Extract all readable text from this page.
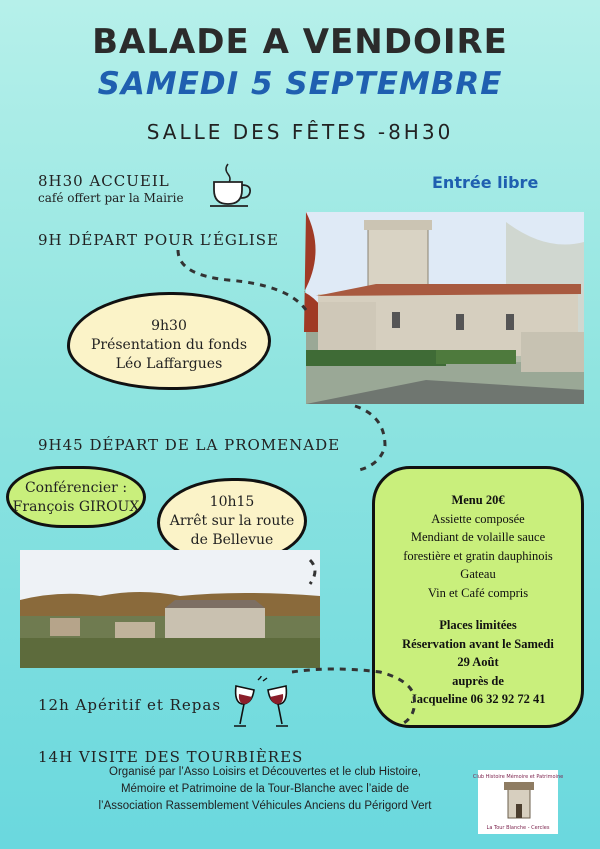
BALADE A VENDOIRE
SAMEDI 5 SEPTEMBRE
SALLE DES FÊTES -8H30
8H30 ACCUEIL
café offert par la Mairie
Entrée libre
9H DÉPART POUR L’ÉGLISE
9h30
Présentation du fonds
Léo Laffargues
9H45 DÉPART DE LA PROMENADE
Conférencier :
François GIROUX	10h15
Arrêt sur la route
de Bellevue
Menu 20€
Assiette composée
Mendiant de volaille sauce
forestière et gratin dauphinois
Gateau
Vin et Café compris
Places limitées
Réservation avant le Samedi
29 Août
auprès de
Jacqueline 06 32 92 72 41
12h Apéritif et Repas
14H VISITE DES TOURBIÈRES
Organisé par l’Asso Loisirs et Découvertes et le club Histoire,
Mémoire et Patrimoine de la Tour-Blanche avec l’aide de
l’Association Rassemblement Véhicules Anciens du Périgord Vert
Club Histoire Mémoire et Patrimoine
La Tour Blanche - Cercles
